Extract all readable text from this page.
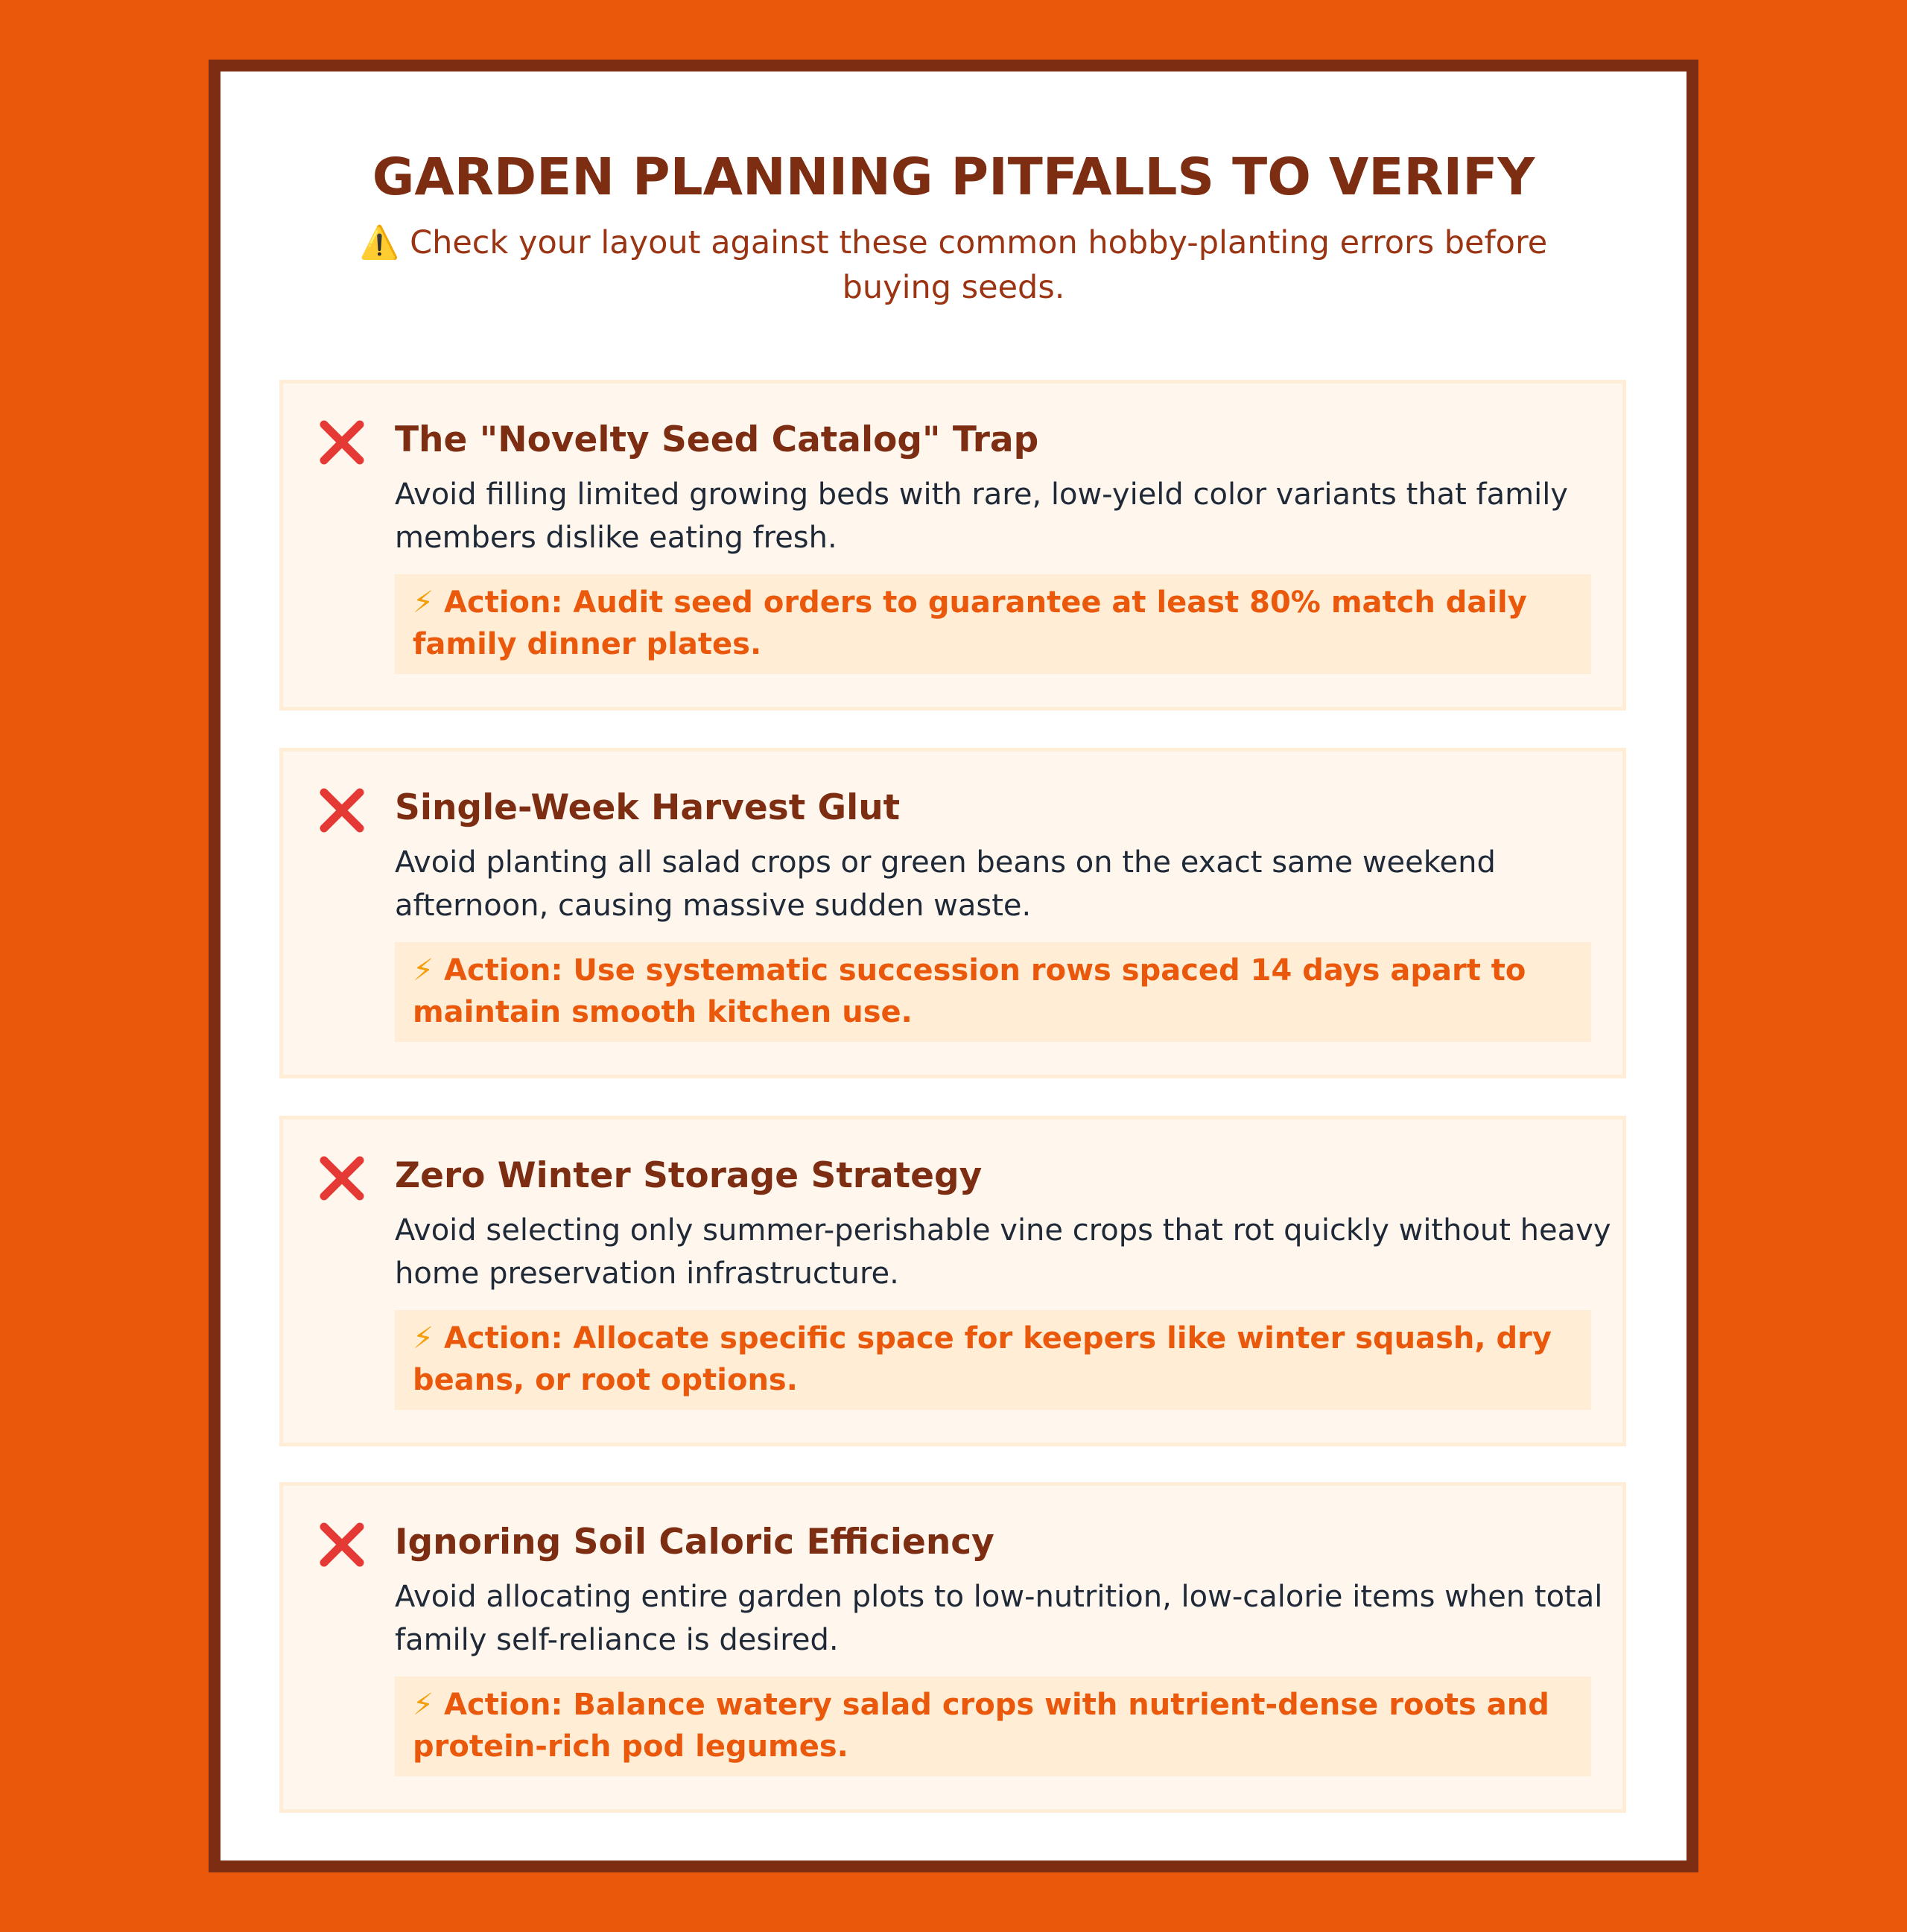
GARDEN PLANNING PITFALLS TO VERIFY

⚠️ Check your layout against these common hobby-planting errors before buying seeds.

The "Novelty Seed Catalog" Trap

Avoid filling limited growing beds with rare, low-yield color variants that family members dislike eating fresh.

⚡ Action: Audit seed orders to guarantee at least 80% match daily family dinner plates.
Single-Week Harvest Glut

Avoid planting all salad crops or green beans on the exact same weekend afternoon, causing massive sudden waste.

⚡ Action: Use systematic succession rows spaced 14 days apart to maintain smooth kitchen use.
Zero Winter Storage Strategy

Avoid selecting only summer-perishable vine crops that rot quickly without heavy home preservation infrastructure.

⚡ Action: Allocate specific space for keepers like winter squash, dry beans, or root options.
Ignoring Soil Caloric Efficiency

Avoid allocating entire garden plots to low-nutrition, low-calorie items when total family self-reliance is desired.

⚡ Action: Balance watery salad crops with nutrient-dense roots and protein-rich pod legumes.
